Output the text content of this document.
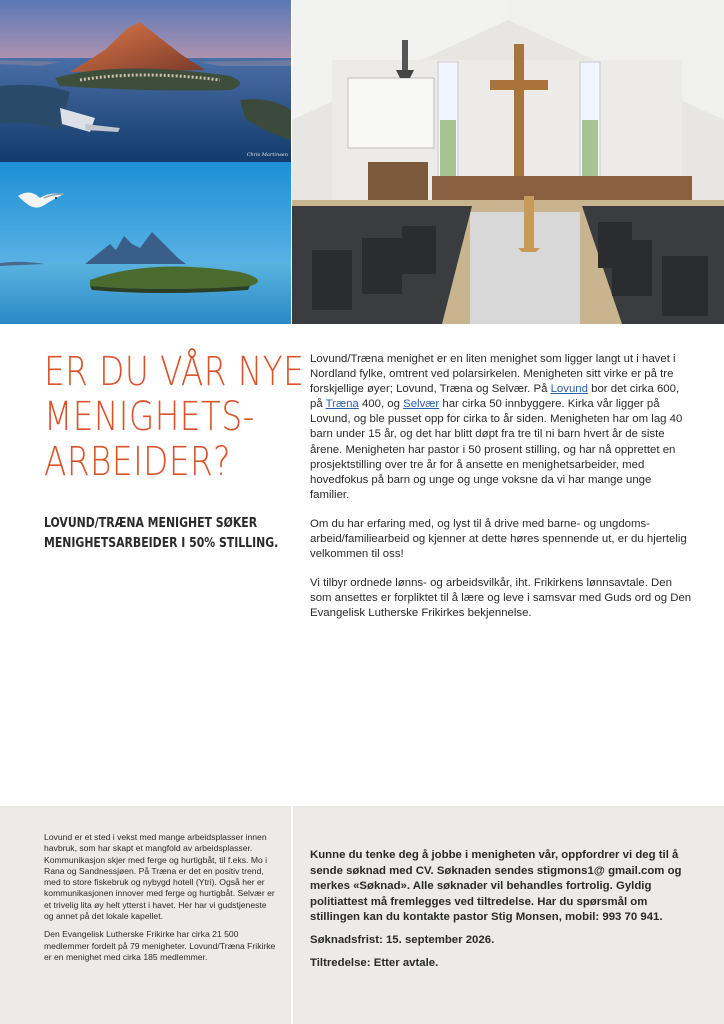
Chris Martinsen
ER DU VÅR NYE
MENIGHETS-
ARBEIDER?
LOVUND/TRÆNA MENIGHET SØKER
MENIGHETSARBEIDER I 50% STILLING.

Lovund/Træna menighet er en liten menighet som ligger langt ut i havet i Nordland fylke, omtrent ved polarsirkelen. Menigheten sitt virke er på tre forskjellige øyer; Lovund, Træna og Selvær. På Lovund bor det cirka 600, på Træna 400, og Selvær har cirka 50 innbyggere. Kirka vår ligger på Lovund, og ble pusset opp for cirka to år siden. Menigheten har om lag 40 barn under 15 år, og det har blitt døpt fra tre til ni barn hvert år de siste årene. Menigheten har pastor i 50 prosent stilling, og har nå opprettet en prosjektstilling over tre år for å ansette en menighetsarbeider, med hovedfokus på barn og unge og unge voksne da vi har mange unge familier.

Om du har erfaring med, og lyst til å drive med barne- og ungdoms-arbeid/familiearbeid og kjenner at dette høres spennende ut, er du hjertelig velkommen til oss!

Vi tilbyr ordnede lønns- og arbeidsvilkår, iht. Frikirkens lønnsavtale. Den som ansettes er forpliktet til å lære og leve i samsvar med Guds ord og Den Evangelisk Lutherske Frikirkes bekjennelse.

Lovund er et sted i vekst med mange arbeidsplasser innen havbruk, som har skapt et mangfold av arbeidsplasser. Kommunikasjon skjer med ferge og hurtigbåt, til f.eks. Mo i Rana og Sandnessjøen. På Træna er det en positiv trend, med to store fiskebruk og nybygd hotell (Ytri). Også her er kommunikasjonen innover med ferge og hurtigbåt. Selvær er et trivelig lita øy helt ytterst i havet. Her har vi gudstjeneste og annet på det lokale kapellet.

Den Evangelisk Lutherske Frikirke har cirka 21 500 medlemmer fordelt på 79 menigheter. Lovund/Træna Frikirke er en menighet med cirka 185 medlemmer.

Kunne du tenke deg å jobbe i menigheten vår, oppfordrer vi deg til å sende søknad med CV. Søknaden sendes stigmons1@ gmail.com og merkes «Søknad». Alle søknader vil behandles fortrolig. Gyldig politiattest må fremlegges ved tiltredelse. Har du spørsmål om stillingen kan du kontakte pastor Stig Monsen, mobil: 993 70 941.

Søknadsfrist: 15. september 2026.

Tiltredelse: Etter avtale.
